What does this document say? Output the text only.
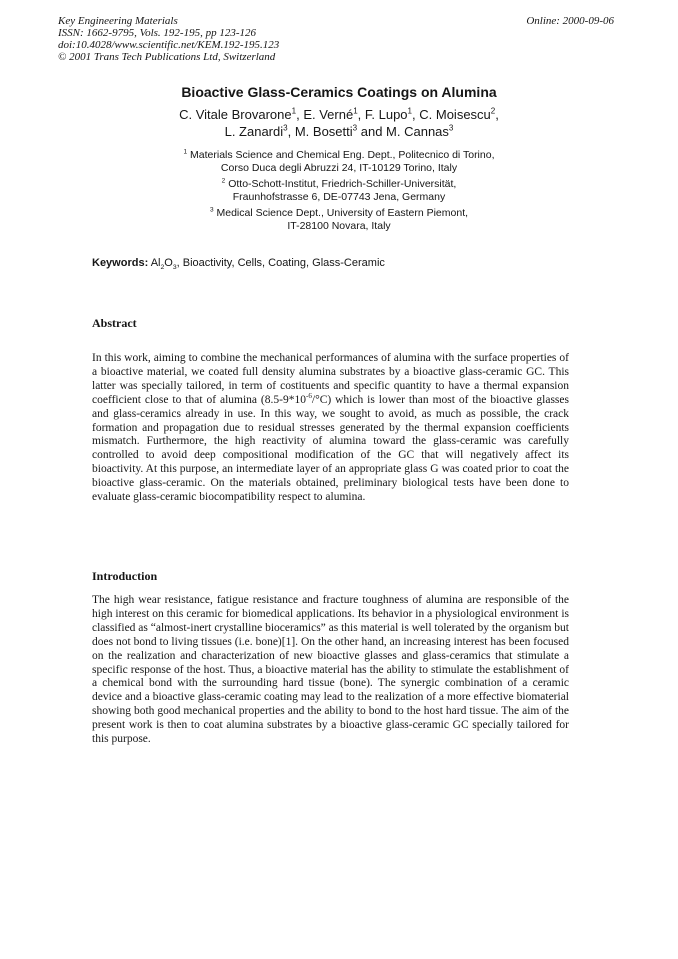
Key Engineering Materials
ISSN: 1662-9795, Vols. 192-195, pp 123-126
doi:10.4028/www.scientific.net/KEM.192-195.123
© 2001 Trans Tech Publications Ltd, Switzerland
Online: 2000-09-06
Bioactive Glass-Ceramics Coatings on Alumina
C. Vitale Brovarone$^1$, E. Verné$^1$, F. Lupo$^1$, C. Moisescu$^2$,
L. Zanardi$^3$, M. Bosetti$^3$ and M. Cannas$^3$
$^1$ Materials Science and Chemical Eng. Dept., Politecnico di Torino,
Corso Duca degli Abruzzi 24, IT-10129 Torino, Italy
$^2$ Otto-Schott-Institut, Friedrich-Schiller-Universität,
Fraunhofstrasse 6, DE-07743 Jena, Germany
$^3$ Medical Science Dept., University of Eastern Piemont,
IT-28100 Novara, Italy
Keywords: $Al_2O_3$, Bioactivity, Cells, Coating, Glass-Ceramic
Abstract

In this work, aiming to combine the mechanical performances of alumina with the surface properties of a bioactive material, we coated full density alumina substrates by a bioactive glass-ceramic GC. This latter was specially tailored, in term of costituents and specific quantity to have a thermal expansion coefficient close to that of alumina $(8.5-9*10^{-6}/^\circ C)$ which is lower than most of the bioactive glasses and glass-ceramics already in use. In this way, we sought to avoid, as much as possible, the crack formation and propagation due to residual stresses generated by the thermal expansion coefficients mismatch. Furthermore, the high reactivity of alumina toward the glass-ceramic was carefully controlled to avoid deep compositional modification of the GC that will negatively affect its bioactivity. At this purpose, an intermediate layer of an appropriate glass G was coated prior to coat the bioactive glass-ceramic. On the materials obtained, preliminary biological tests have been done to evaluate glass-ceramic biocompatibility respect to alumina.

Introduction

The high wear resistance, fatigue resistance and fracture toughness of alumina are responsible of the high interest on this ceramic for biomedical applications. Its behavior in a physiological environment is classified as “almost-inert crystalline bioceramics” as this material is well tolerated by the organism but does not bond to living tissues (i.e. bone)[1]. On the other hand, an increasing interest has been focused on the realization and characterization of new bioactive glasses and glass-ceramics that stimulate a specific response of the host. Thus, a bioactive material has the ability to stimulate the establishment of a chemical bond with the surrounding hard tissue (bone). The synergic combination of a ceramic device and a bioactive glass-ceramic coating may lead to the realization of a more effective biomaterial showing both good mechanical properties and the ability to bond to the host hard tissue. The aim of the present work is then to coat alumina substrates by a bioactive glass-ceramic GC specially tailored for this purpose.
